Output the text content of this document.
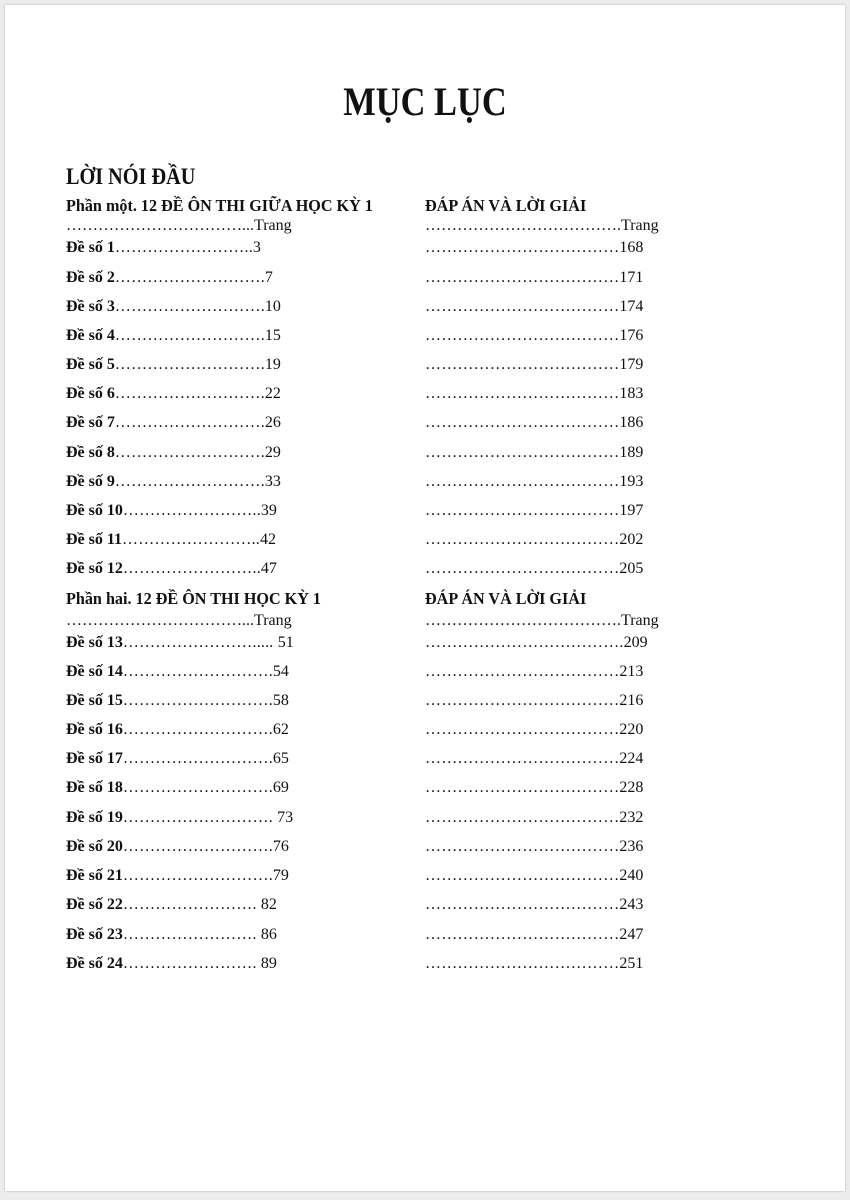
MỤC LỤC
LỜI NÓI ĐẦU
Phần một. 12 ĐỀ ÔN THI GIỮA HỌC KỲ 1	ĐÁP ÁN VÀ LỜI GIẢI
……………………………...Trang	……………………………….Trang
Đề số 1……………………..3	………………………………168
Đề số 2……………………….7	………………………………171
Đề số 3……………………….10	………………………………174
Đề số 4……………………….15	………………………………176
Đề số 5……………………….19	………………………………179
Đề số 6……………………….22	………………………………183
Đề số 7……………………….26	………………………………186
Đề số 8……………………….29	………………………………189
Đề số 9……………………….33	………………………………193
Đề số 10……………………..39	………………………………197
Đề số 11……………………..42	………………………………202
Đề số 12……………………..47	………………………………205
Phần hai. 12 ĐỀ ÔN THI HỌC KỲ 1	ĐÁP ÁN VÀ LỜI GIẢI
……………………………...Trang	……………………………….Trang
Đề số 13……………………..... 51	……………………………….209
Đề số 14……………………….54	………………………………213
Đề số 15……………………….58	………………………………216
Đề số 16……………………….62	………………………………220
Đề số 17……………………….65	………………………………224
Đề số 18……………………….69	………………………………228
Đề số 19………………………. 73	………………………………232
Đề số 20……………………….76	………………………………236
Đề số 21……………………….79	………………………………240
Đề số 22……………………. 82	………………………………243
Đề số 23……………………. 86	………………………………247
Đề số 24……………………. 89	………………………………251
